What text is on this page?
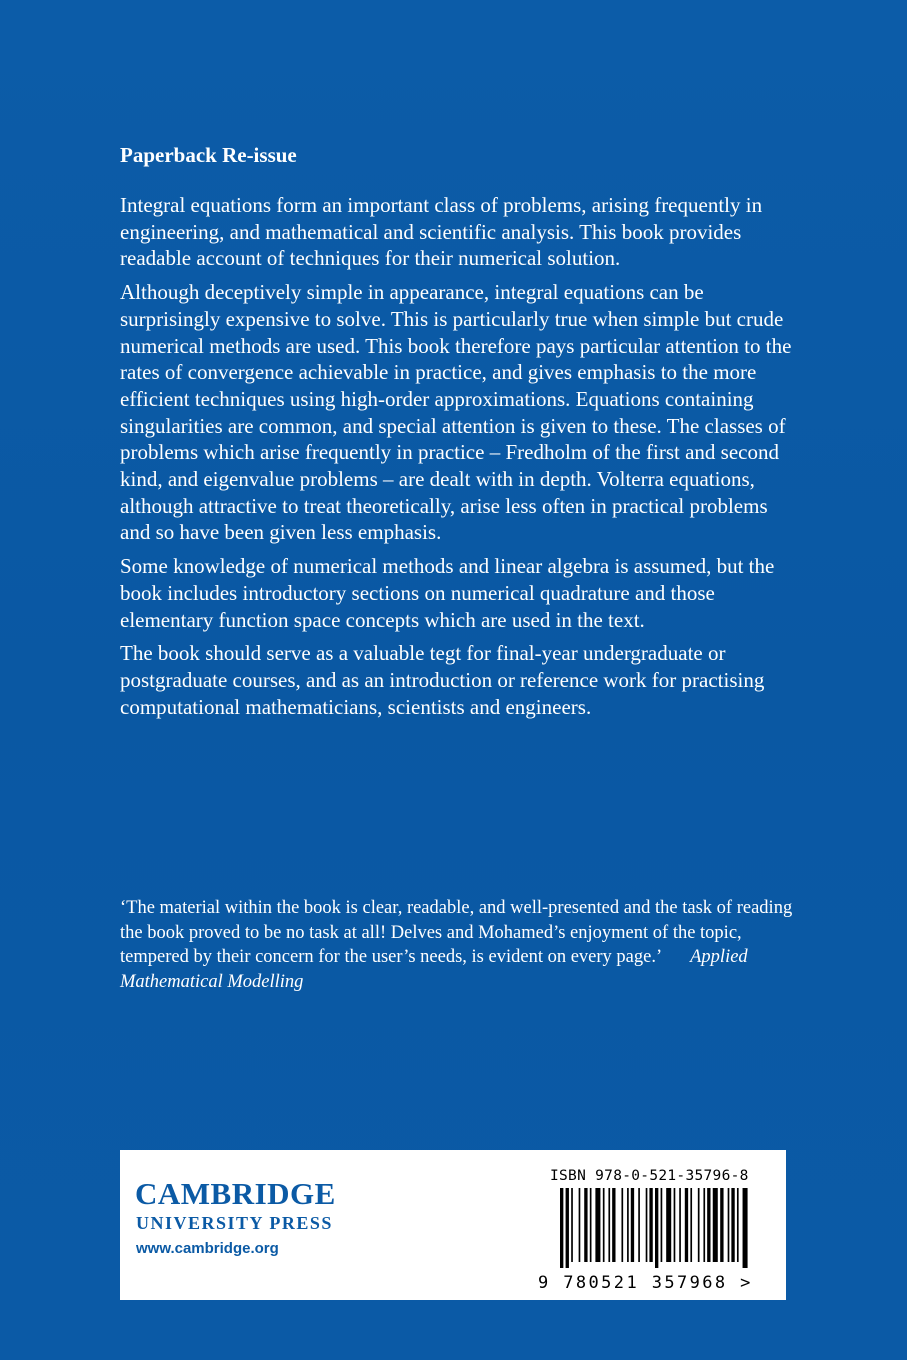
Paperback Re-issue

Integral equations form an important class of problems, arising frequently in engineering, and mathematical and scientific analysis. This book provides readable account of techniques for their numerical solution.

Although deceptively simple in appearance, integral equations can be surprisingly expensive to solve. This is particularly true when simple but crude numerical methods are used. This book therefore pays particular attention to the rates of convergence achievable in practice, and gives emphasis to the more efficient techniques using high-order approximations. Equations containing singularities are common, and special attention is given to these. The classes of problems which arise frequently in practice – Fredholm of the first and second kind, and eigenvalue problems – are dealt with in depth. Volterra equations, although attractive to treat theoretically, arise less often in practical problems and so have been given less emphasis.

Some knowledge of numerical methods and linear algebra is assumed, but the book includes introductory sections on numerical quadrature and those elementary function space concepts which are used in the text.

The book should serve as a valuable tegt for final-year undergraduate or postgraduate courses, and as an introduction or reference work for practising computational mathematicians, scientists and engineers.

‘The material within the book is clear, readable, and well-presented and the task of reading the book proved to be no task at all! Delves and Mohamed’s enjoyment of the topic, tempered by their concern for the user’s needs, is evident on every page.’ Applied Mathematical Modelling
CAMBRIDGE
UNIVERSITY PRESS
www.cambridge.org
ISBN 978-0-521-35796-8
9 780521 357968 >
